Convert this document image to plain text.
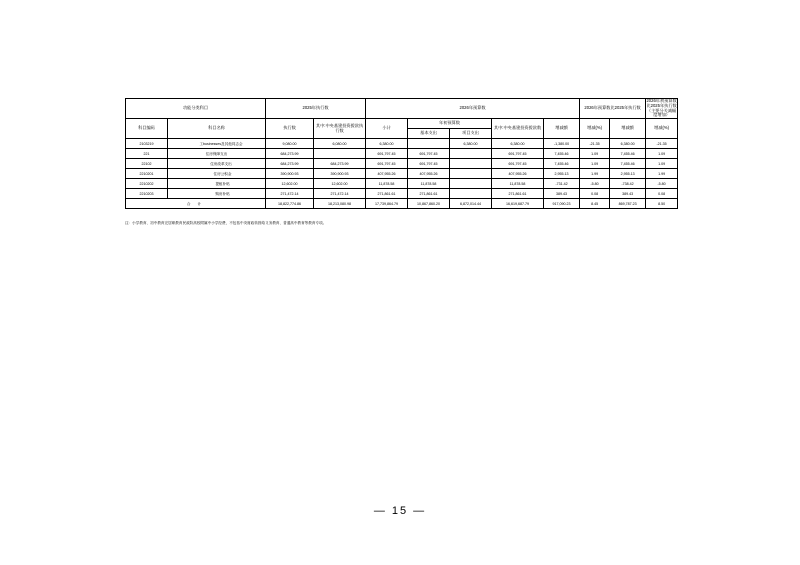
功能分类科目		2025年执行数		2026年预算数					2026年预算数比2025年执行数		2026年初预算数比2025年执行数（主要分关减幅度增加）
科目编码	科目名称	执行数	其中:中央基建投资拨款执行数	小计	年初预算数		其中:中央基建投资拨款数	增减额	增减(%)	增减额	增减(%)
					基本支出	项目支出					
2103219	工businesses及其他同志会	9,080.00	6,080.00	6,380.00		6,380.00	6,380.00	-1,380.00	-21.35	6,380.00	-21.35
221	住房保障支出	684,273.99		691,797.45	691,797.45		691,797.45	7,455.46	1.09	7,455.46	1.09
22102	住房改革支出	684,273.99	684,273.99	691,797.45	691,797.45		691,797.45	7,455.46	1.09	7,455.46	1.09
2210201	住房公积金	390,900.93	390,900.93	407,955.26	407,955.26		407,955.26	2,955.13	1.99	2,955.13	1.99
2210202	提租补贴	12,602.00	12,602.00	11,878.58	11,878.58		11,878.58	-731.42	-5.80	-738.42	-5.80
2210203	购房补贴	271,472.14	271,472.14	271,861.61	271,861.61		271,861.61	389.43	0.08	389.43	0.08
合 计		18,822,774.86	18,213,080.98	17,739,864.79	10,867,860.20	6,872,014.44	16,619,687.79	917,090.23	8.45	869,787.23	8.50
注：小学教育、初中教育完居职教育民政阶高校附属中小学经费，不包括中央财政转拨给义务教育、普通高中教育等教育专项。
— 15 —
